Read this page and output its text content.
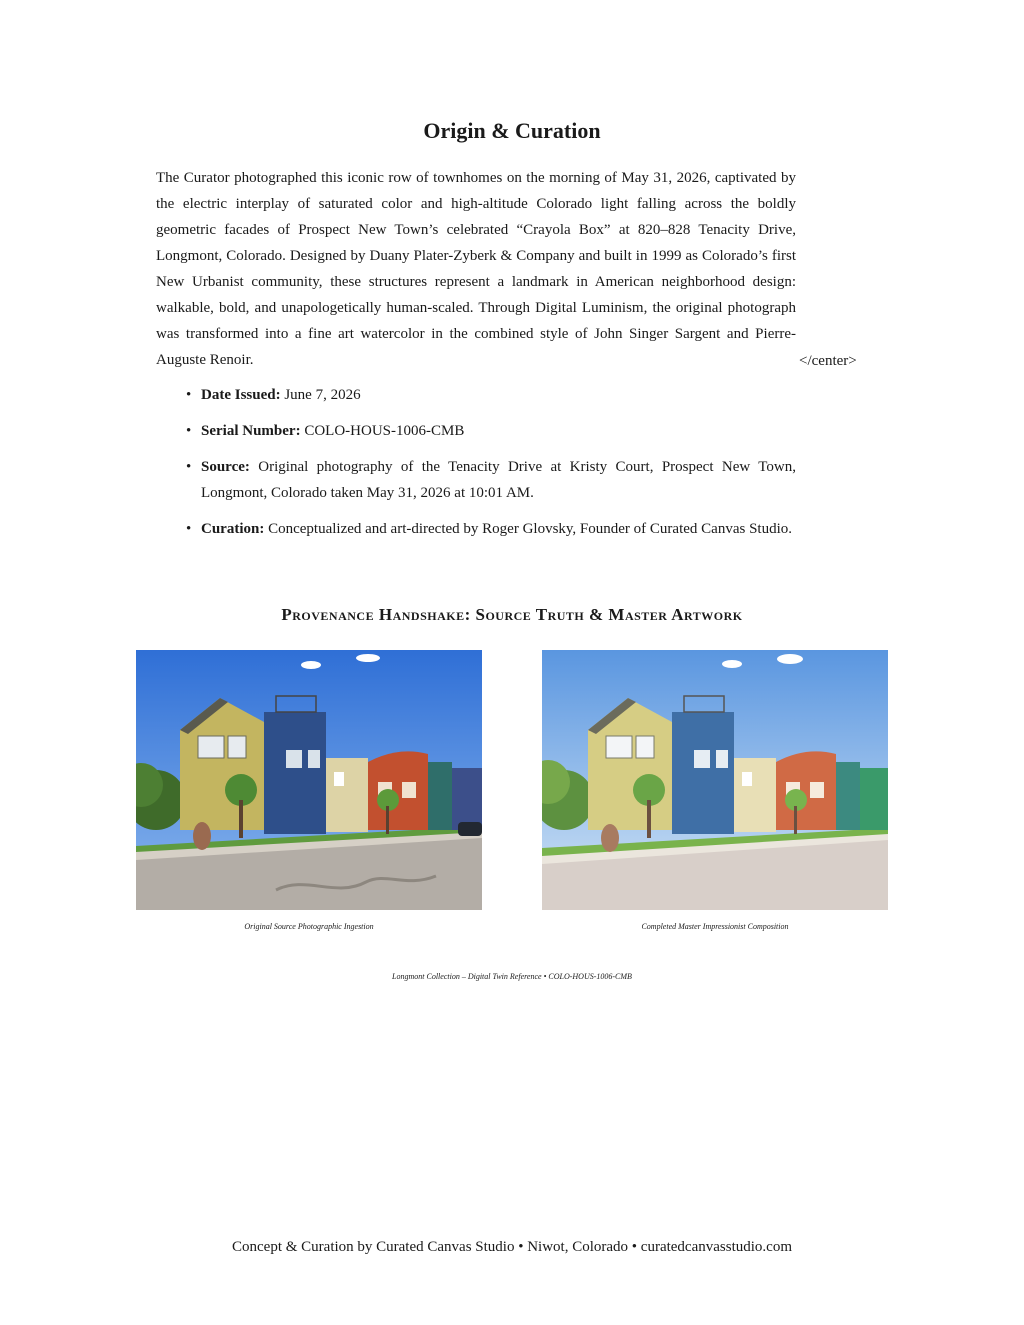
Origin & Curation

The Curator photographed this iconic row of townhomes on the morning of May 31, 2026, captivated by the electric interplay of saturated color and high-altitude Colorado light falling across the boldly geometric facades of Prospect New Town’s celebrated “Crayola Box” at 820–828 Tenacity Drive, Longmont, Colorado. Designed by Duany Plater-Zyberk & Company and built in 1999 as Colorado’s first New Urbanist community, these structures represent a landmark in American neighborhood design: walkable, bold, and unapologetically human-scaled. Through Digital Luminism, the original photograph was transformed into a fine art watercolor in the combined style of John Singer Sargent and Pierre-Auguste Renoir.	</center>
• Date Issued: June 7, 2026
• Serial Number: COLO-HOUS-1006-CMB
• Source: Original photography of the Tenacity Drive at Kristy Court, Prospect New Town, Longmont, Colorado taken May 31, 2026 at 10:01 AM.
• Curation: Conceptualized and art-directed by Roger Glovsky, Founder of Curated Canvas Studio.
Provenance Handshake: Source Truth & Master Artwork
Original Source Photographic Ingestion	Completed Master Impressionist Composition
Longmont Collection – Digital Twin Reference • COLO-HOUS-1006-CMB
Concept & Curation by Curated Canvas Studio • Niwot, Colorado • curatedcanvasstudio.com
